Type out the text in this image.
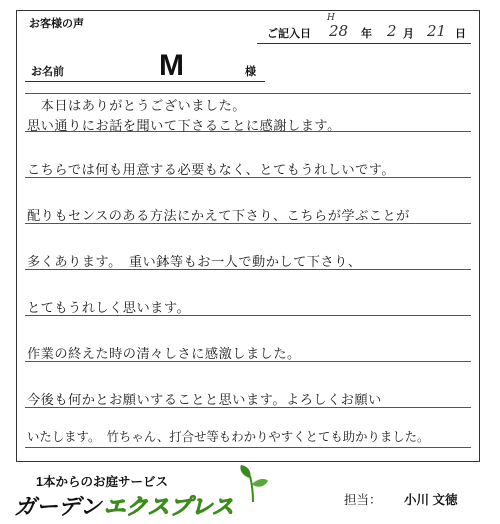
お客様の声
ご記入日
H
28 年 2 月 21 日
お名前	M	様
　本日はありがとうございました。
思い通りにお話を聞いて下さることに感謝します。
こちらでは何も用意する必要もなく、とてもうれしいです。
配りもセンスのある方法にかえて下さり、こちらが学ぶことが
多くあります。　重い鉢等もお一人で動かして下さり、
とてもうれしく思います。
作業の終えた時の清々しさに感激しました。
今後も何かとお願いすることと思います。よろしくお願い
いたします。　竹ちゃん、打合せ等もわかりやすくとても助かりました。
1本からのお庭サービス
ガーデンエクスプレス	担当： 小川 文徳
